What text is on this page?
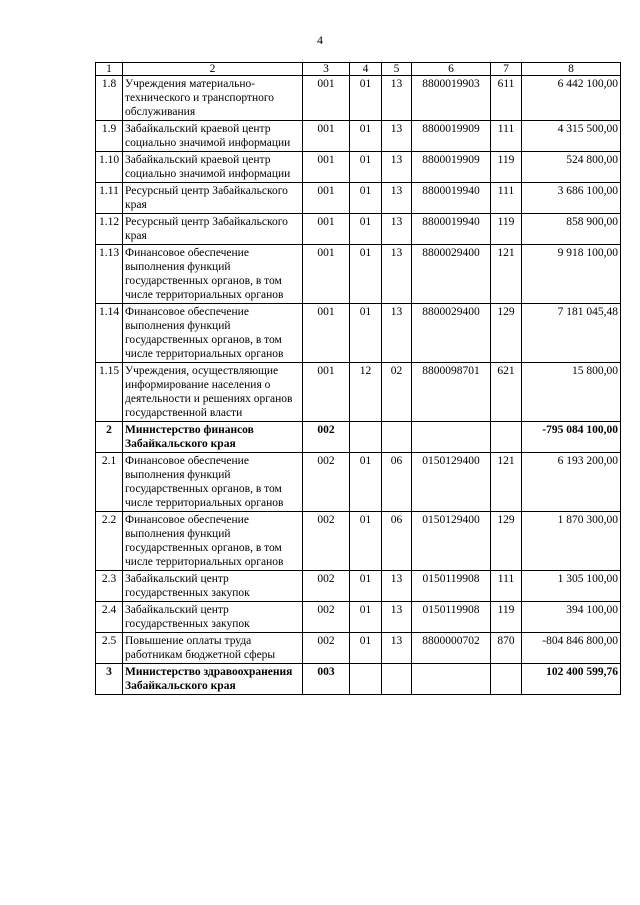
4
1	2	3	4	5	6	7	8
1.8	Учреждения материально-технического и транспортного обслуживания	001	01	13	8800019903	611	6 442 100,00
1.9	Забайкальский краевой центр социально значимой информации	001	01	13	8800019909	111	4 315 500,00
1.10	Забайкальский краевой центр социально значимой информации	001	01	13	8800019909	119	524 800,00
1.11	Ресурсный центр Забайкальского края	001	01	13	8800019940	111	3 686 100,00
1.12	Ресурсный центр Забайкальского края	001	01	13	8800019940	119	858 900,00
1.13	Финансовое обеспечение выполнения функций государственных органов, в том числе территориальных органов	001	01	13	8800029400	121	9 918 100,00
1.14	Финансовое обеспечение выполнения функций государственных органов, в том числе территориальных органов	001	01	13	8800029400	129	7 181 045,48
1.15	Учреждения, осуществляющие информирование населения о деятельности и решениях органов государственной власти	001	12	02	8800098701	621	15 800,00
2	Министерство финансов Забайкальского края	002					-795 084 100,00
2.1	Финансовое обеспечение выполнения функций государственных органов, в том числе территориальных органов	002	01	06	0150129400	121	6 193 200,00
2.2	Финансовое обеспечение выполнения функций государственных органов, в том числе территориальных органов	002	01	06	0150129400	129	1 870 300,00
2.3	Забайкальский центр государственных закупок	002	01	13	0150119908	111	1 305 100,00
2.4	Забайкальский центр государственных закупок	002	01	13	0150119908	119	394 100,00
2.5	Повышение оплаты труда работникам бюджетной сферы	002	01	13	8800000702	870	-804 846 800,00
3	Министерство здравоохранения Забайкальского края	003					102 400 599,76
